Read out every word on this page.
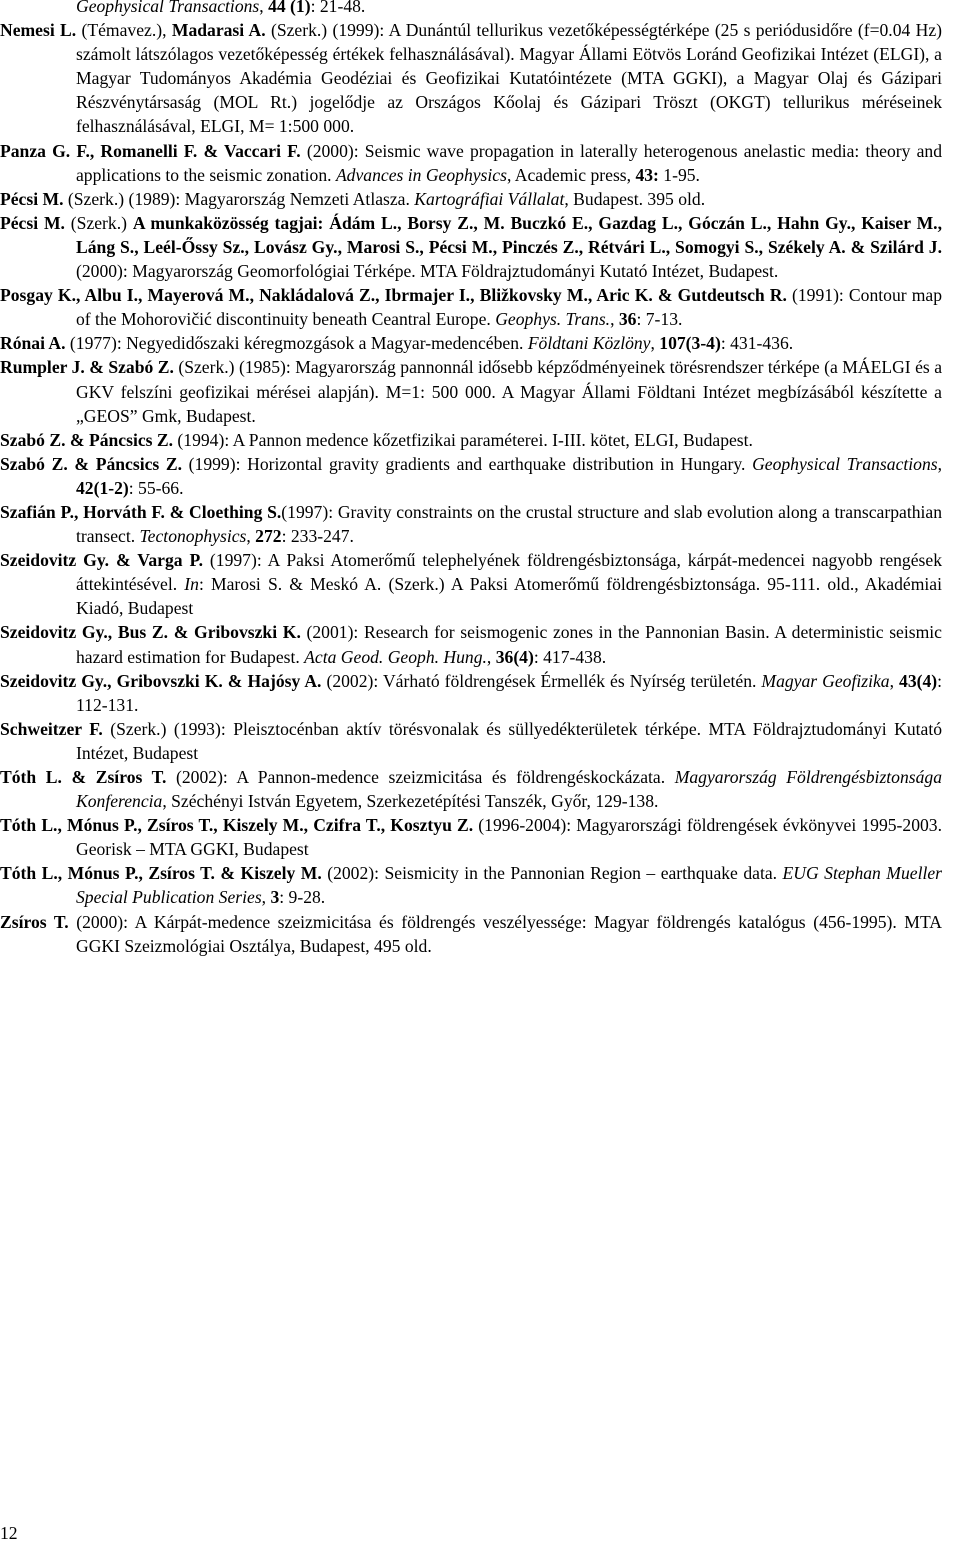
Geophysical Transactions, 44 (1): 21-48.

Nemesi L. (Témavez.), Madarasi A. (Szerk.) (1999): A Dunántúl tellurikus vezetőképességtérképe (25 s periódusidőre (f=0.04 Hz) számolt látszólagos vezetőképesség értékek felhasználásával). Magyar Állami Eötvös Loránd Geofizikai Intézet (ELGI), a Magyar Tudományos Akadémia Geodéziai és Geofizikai Kutatóintézete (MTA GGKI), a Magyar Olaj és Gázipari Részvénytársaság (MOL Rt.) jogelődje az Országos Kőolaj és Gázipari Tröszt (OKGT) tellurikus méréseinek felhasználásával, ELGI, M= 1:500 000.

Panza G. F., Romanelli F. & Vaccari F. (2000): Seismic wave propagation in laterally heterogenous anelastic media: theory and applications to the seismic zonation. Advances in Geophysics, Academic press, 43: 1-95.

Pécsi M. (Szerk.) (1989): Magyarország Nemzeti Atlasza. Kartográfiai Vállalat, Budapest. 395 old.

Pécsi M. (Szerk.) A munkaközösség tagjai: Ádám L., Borsy Z., M. Buczkó E., Gazdag L., Góczán L., Hahn Gy., Kaiser M., Láng S., Leél-Őssy Sz., Lovász Gy., Marosi S., Pécsi M., Pinczés Z., Rétvári L., Somogyi S., Székely A. & Szilárd J. (2000): Magyarország Geomorfológiai Térképe. MTA Földrajztudományi Kutató Intézet, Budapest.

Posgay K., Albu I., Mayerová M., Nakládalová Z., Ibrmajer I., Bližkovsky M., Aric K. & Gutdeutsch R. (1991): Contour map of the Mohorovičić discontinuity beneath Ceantral Europe. Geophys. Trans., 36: 7-13.

Rónai A. (1977): Negyedidőszaki kéregmozgások a Magyar-medencében. Földtani Közlöny, 107(3-4): 431-436.

Rumpler J. & Szabó Z. (Szerk.) (1985): Magyarország pannonnál idősebb képződményeinek törésrendszer térképe (a MÁELGI és a GKV felszíni geofizikai mérései alapján). M=1: 500 000. A Magyar Állami Földtani Intézet megbízásából készítette a „GEOS” Gmk, Budapest.

Szabó Z. & Páncsics Z. (1994): A Pannon medence kőzetfizikai paraméterei. I-III. kötet, ELGI, Budapest.

Szabó Z. & Páncsics Z. (1999): Horizontal gravity gradients and earthquake distribution in Hungary. Geophysical Transactions, 42(1-2): 55-66.

Szafián P., Horváth F. & Cloething S.(1997): Gravity constraints on the crustal structure and slab evolution along a transcarpathian transect. Tectonophysics, 272: 233-247.

Szeidovitz Gy. & Varga P. (1997): A Paksi Atomerőmű telephelyének földrengésbiztonsága, kárpát-medencei nagyobb rengések áttekintésével. In: Marosi S. & Meskó A. (Szerk.) A Paksi Atomerőmű földrengésbiztonsága. 95-111. old., Akadémiai Kiadó, Budapest

Szeidovitz Gy., Bus Z. & Gribovszki K. (2001): Research for seismogenic zones in the Pannonian Basin. A deterministic seismic hazard estimation for Budapest. Acta Geod. Geoph. Hung., 36(4): 417-438.

Szeidovitz Gy., Gribovszki K. & Hajósy A. (2002): Várható földrengések Érmellék és Nyírség területén. Magyar Geofizika, 43(4): 112-131.

Schweitzer F. (Szerk.) (1993): Pleisztocénban aktív törésvonalak és süllyedékterületek térképe. MTA Földrajztudományi Kutató Intézet, Budapest

Tóth L. & Zsíros T. (2002): A Pannon-medence szeizmicitása és földrengéskockázata. Magyarország Földrengésbiztonsága Konferencia, Széchényi István Egyetem, Szerkezetépítési Tanszék, Győr, 129-138.

Tóth L., Mónus P., Zsíros T., Kiszely M., Czifra T., Kosztyu Z. (1996-2004): Magyarországi földrengések évkönyvei 1995-2003. Georisk – MTA GGKI, Budapest

Tóth L., Mónus P., Zsíros T. & Kiszely M. (2002): Seismicity in the Pannonian Region – earthquake data. EUG Stephan Mueller Special Publication Series, 3: 9-28.

Zsíros T. (2000): A Kárpát-medence szeizmicitása és földrengés veszélyessége: Magyar földrengés katalógus (456-1995). MTA GGKI Szeizmológiai Osztálya, Budapest, 495 old.

12
